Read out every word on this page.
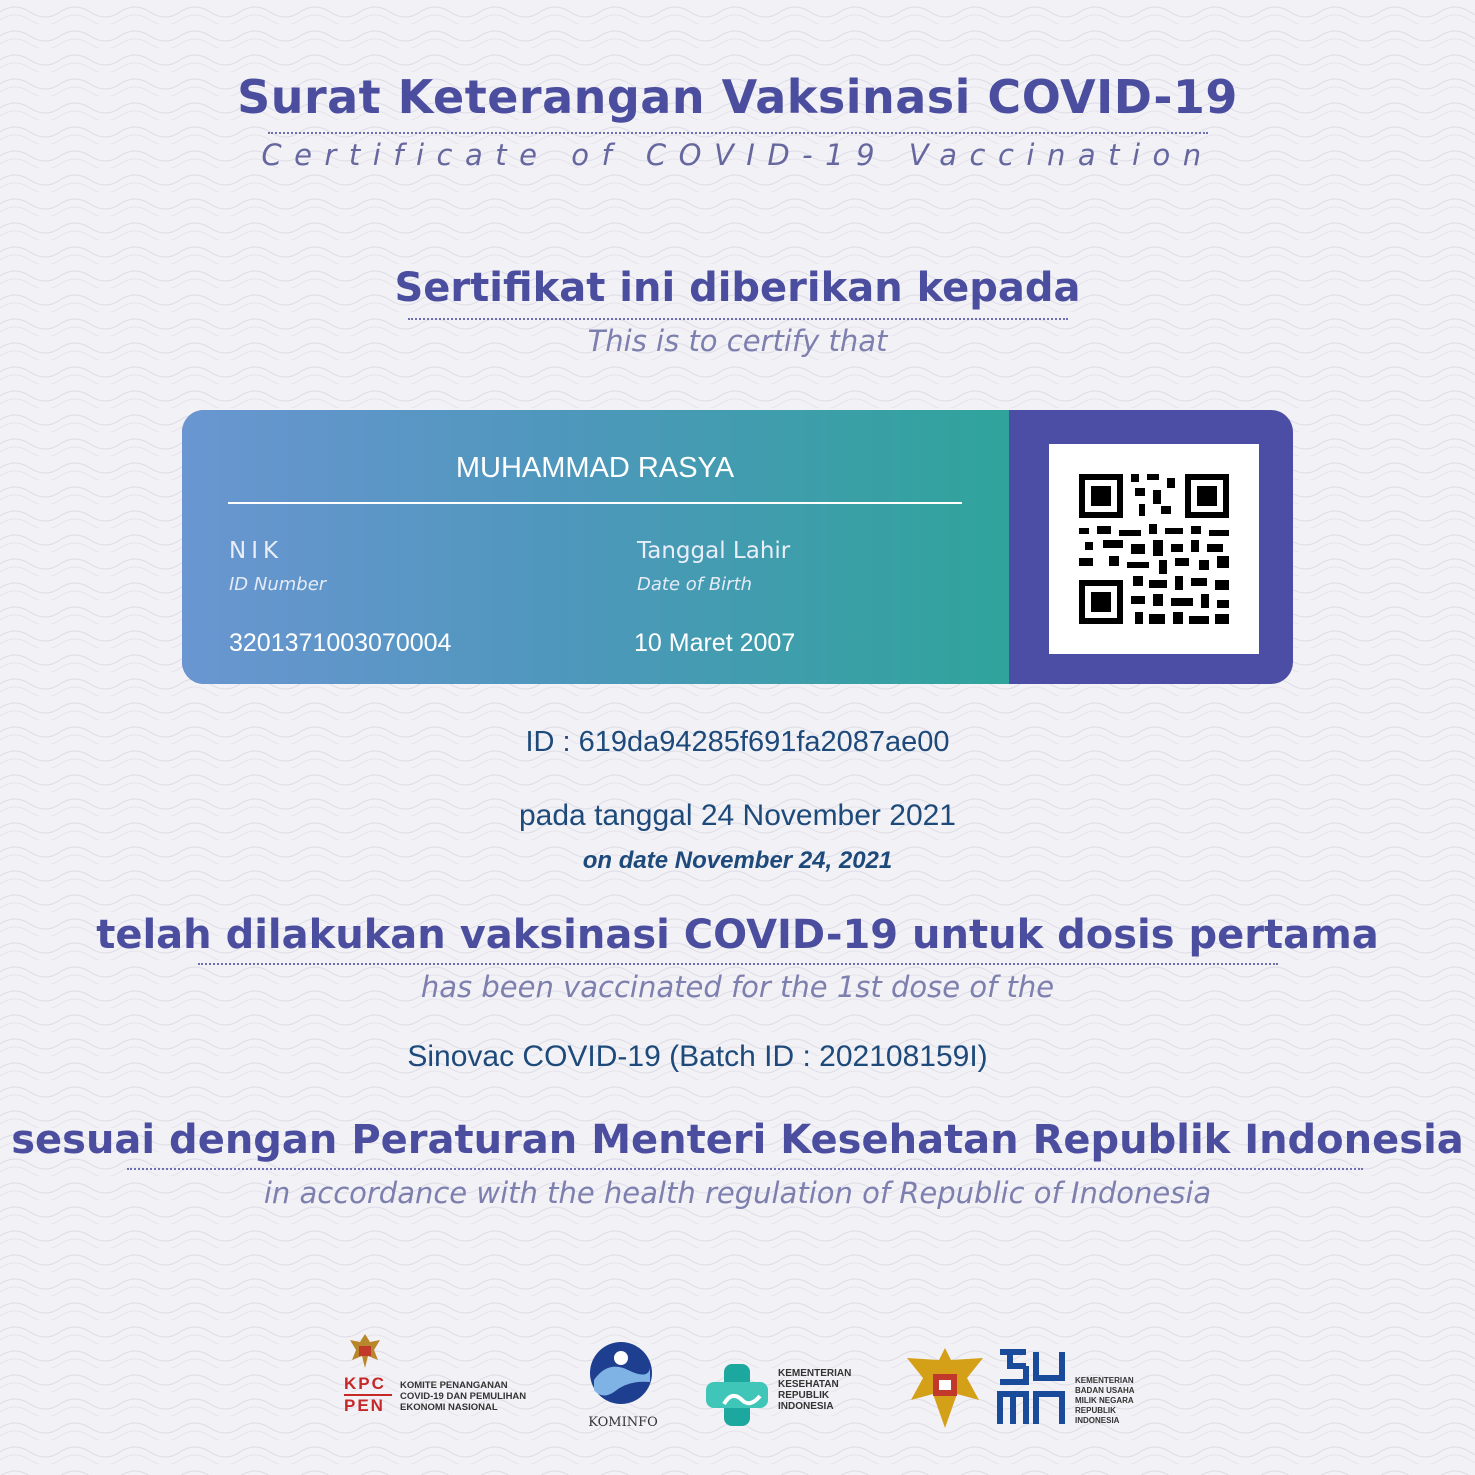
Surat Keterangan Vaksinasi COVID-19
Certificate of COVID-19 Vaccination
Sertifikat ini diberikan kepada
This is to certify that
MUHAMMAD RASYA
NIK
ID Number
3201371003070004
Tanggal Lahir
Date of Birth
10 Maret 2007
ID : 619da94285f691fa2087ae00
pada tanggal 24 November 2021
on date November 24, 2021
telah dilakukan vaksinasi COVID-19 untuk dosis pertama
has been vaccinated for the 1st dose of the
Sinovac COVID-19 (Batch ID : 202108159I)
sesuai dengan Peraturan Menteri Kesehatan Republik Indonesia
in accordance with the health regulation of Republic of Indonesia
KPC
PEN
KOMITE PENANGANAN
COVID-19 DAN PEMULIHAN
EKONOMI NASIONAL
KOMINFO
KEMENTERIAN
KESEHATAN
REPUBLIK
INDONESIA
KEMENTERIAN
BADAN USAHA
MILIK NEGARA
REPUBLIK
INDONESIA
